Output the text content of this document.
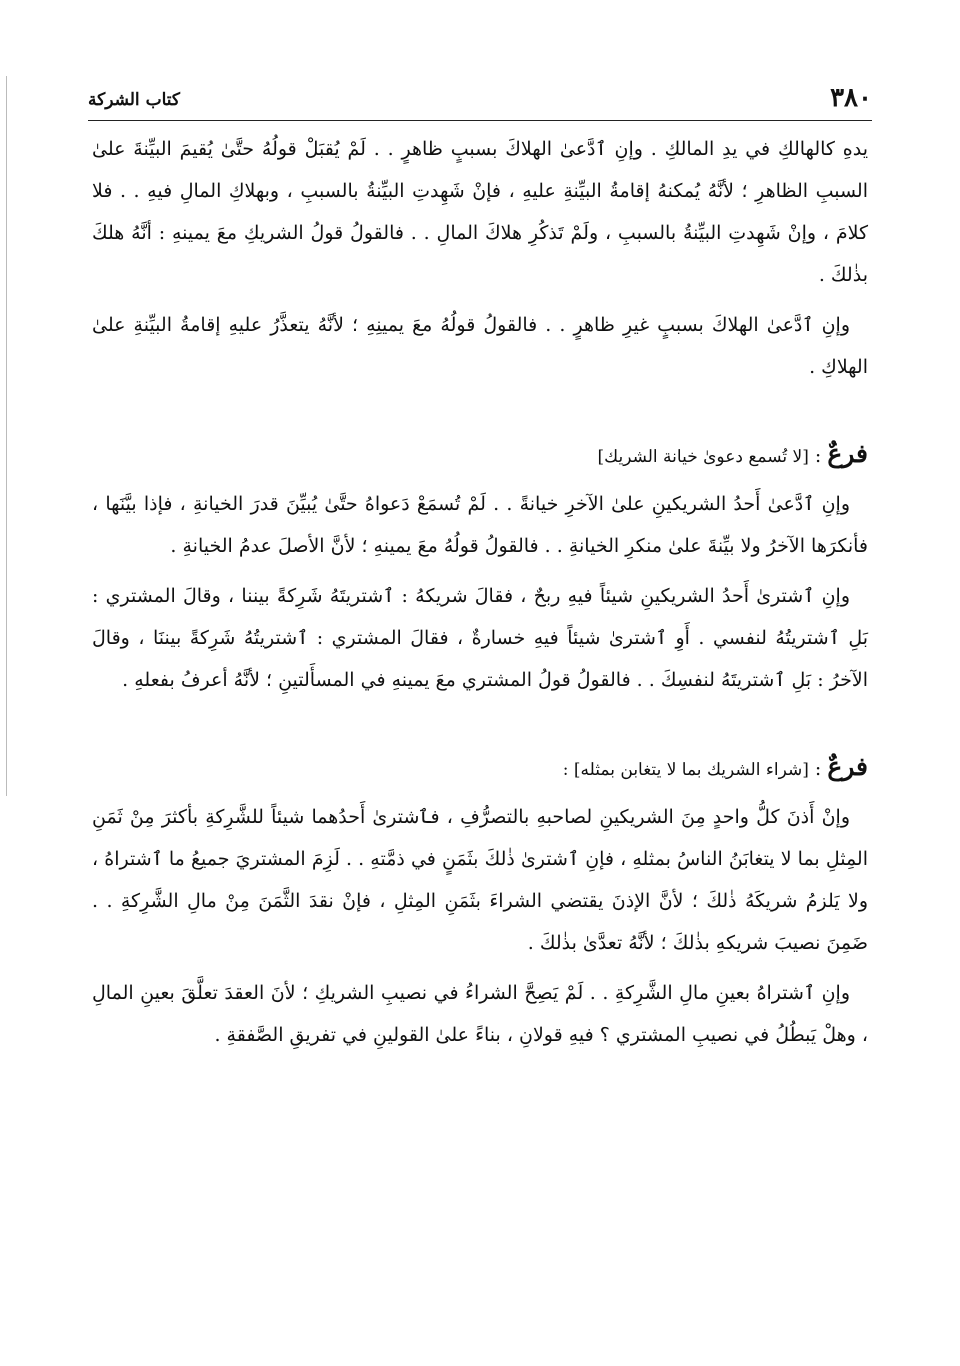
٣٨٠
كتاب الشركة

يدهِ كالهالكِ في يدِ المالكِ . وإنِ ٱدَّعىٰ الهلاكَ بسببٍ ظاهرٍ . . لَمْ يُقبَلْ قولُهُ حتَّىٰ يُقيمَ البيِّنةَ علىٰ السببِ الظاهرِ ؛ لأنَّهُ يُمكنهُ إقامةُ البيِّنةِ عليهِ ، فإنْ شَهِدتِ البيِّنةُ بالسببِ ، وبهلاكِ المالِ فيهِ . . فلا كلامَ ، وإنْ شَهِدتِ البيِّنةُ بالسببِ ، ولَمْ تَذكُرِ هلاكَ المالِ . . فالقولُ قولُ الشريكِ معَ يمينهِ : أنَّهُ هلكَ بذٰلكَ .

وإنِ ٱدَّعىٰ الهلاكَ بسببٍ غيرِ ظاهرٍ . . فالقولُ قولُهُ معَ يمينِهِ ؛ لأنَّهُ يتعذَّرُ عليهِ إقامةُ البيِّنةِ علىٰ الهلاكِ .

فرعٌ : [لا تُسمع دعوىٰ خيانة الشريك]

وإنِ ٱدَّعىٰ أَحدُ الشريكينِ علىٰ الآخرِ خيانةً . . لَمْ تُسمَعْ دَعواهُ حتَّىٰ يُبيِّنَ قدرَ الخيانةِ ، فإذا بيَّنَها ، فأنكرَها الآخرُ ولا بيِّنةَ علىٰ منكرِ الخيانةِ . . فالقولُ قولُهُ معَ يمينهِ ؛ لأنَّ الأصلَ عدمُ الخيانةِ .

وإنِ ٱشترىٰ أَحدُ الشريكينِ شيئاً فيهِ ربحٌ ، فقالَ شريكهُ : ٱشتريتَهُ شَرِكةً بيننا ، وقالَ المشتري : بَلِ ٱشتريتُهُ لنفسي . أَوِ ٱشترىٰ شيئاً فيهِ خسارةٌ ، فقالَ المشتري : ٱشتريتُهُ شَرِكةً بيننَا ، وقالَ الآخرُ : بَلِ ٱشتريتَهُ لنفسِكَ . . فالقولُ قولُ المشتري معَ يمينهِ في المسأَلتينِ ؛ لأنَّهُ أعرفُ بفعلهِ .

فرعٌ : [شراء الشريك بما لا يتغابن بمثله] :

وإنْ أَذنَ كلُّ واحدٍ مِنَ الشريكينِ لصاحبهِ بالتصرُّفِ ، فٱشترىٰ أَحدُهما شيئاً للشَّرِكةِ بأكثرَ مِنْ ثَمَنِ المِثلِ بما لا يتغابَنُ الناسُ بمثلهِ ، فإنِ ٱشترىٰ ذٰلكَ بثَمَنٍ في ذمَّتهِ . . لَزِمَ المشتريَ جميعُ ما ٱشتراهُ ، ولا يَلزمُ شريكَهُ ذٰلكَ ؛ لأنَّ الإذنَ يقتضي الشراءَ بثَمَنِ المِثلِ ، فإنْ نقدَ الثَّمَنَ مِنْ مالِ الشَّرِكةِ . . ضَمِنَ نصيبَ شريكهِ بذٰلكَ ؛ لأنَّهُ تعدَّىٰ بذٰلكَ .

وإنِ ٱشتراهُ بعينِ مالِ الشَّرِكةِ . . لَمْ يَصِحَّ الشراءُ في نصيبِ الشريكِ ؛ لأنَ العقدَ تعلَّقَ بعينِ المالِ ، وهلْ يَبطُلُ في نصيبِ المشتري ؟ فيهِ قولانِ ، بناءً علىٰ القولينِ في تفريقِ الصَّفقةِ .
